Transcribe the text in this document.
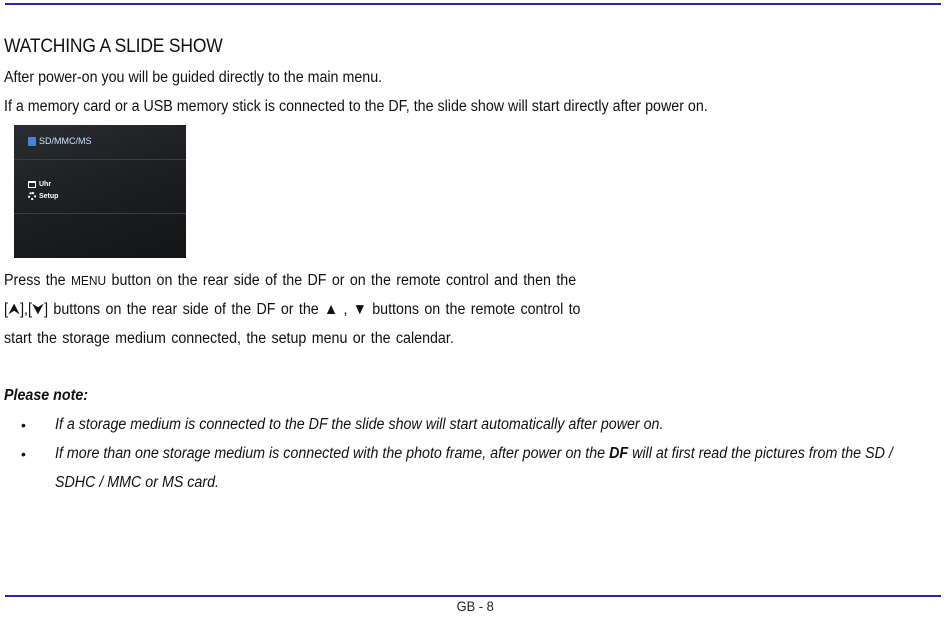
WATCHING A SLIDE SHOW
After power-on you will be guided directly to the main menu.
If a memory card or a USB memory stick is connected to the DF, the slide show will start directly after power on.
SD/MMC/MS
Uhr
Setup
Press the MENU button on the rear side of the DF or on the remote control and then the
[⮝],[⮟] buttons on the rear side of the DF or the ▲ , ▼ buttons on the remote control to
start the storage medium connected, the setup menu or the calendar.
Please note:
• If a storage medium is connected to the DF the slide show will start automatically after power on.
• If more than one storage medium is connected with the photo frame, after power on the DF will at first read the pictures from the SD /
SDHC / MMC or MS card.
GB - 8
